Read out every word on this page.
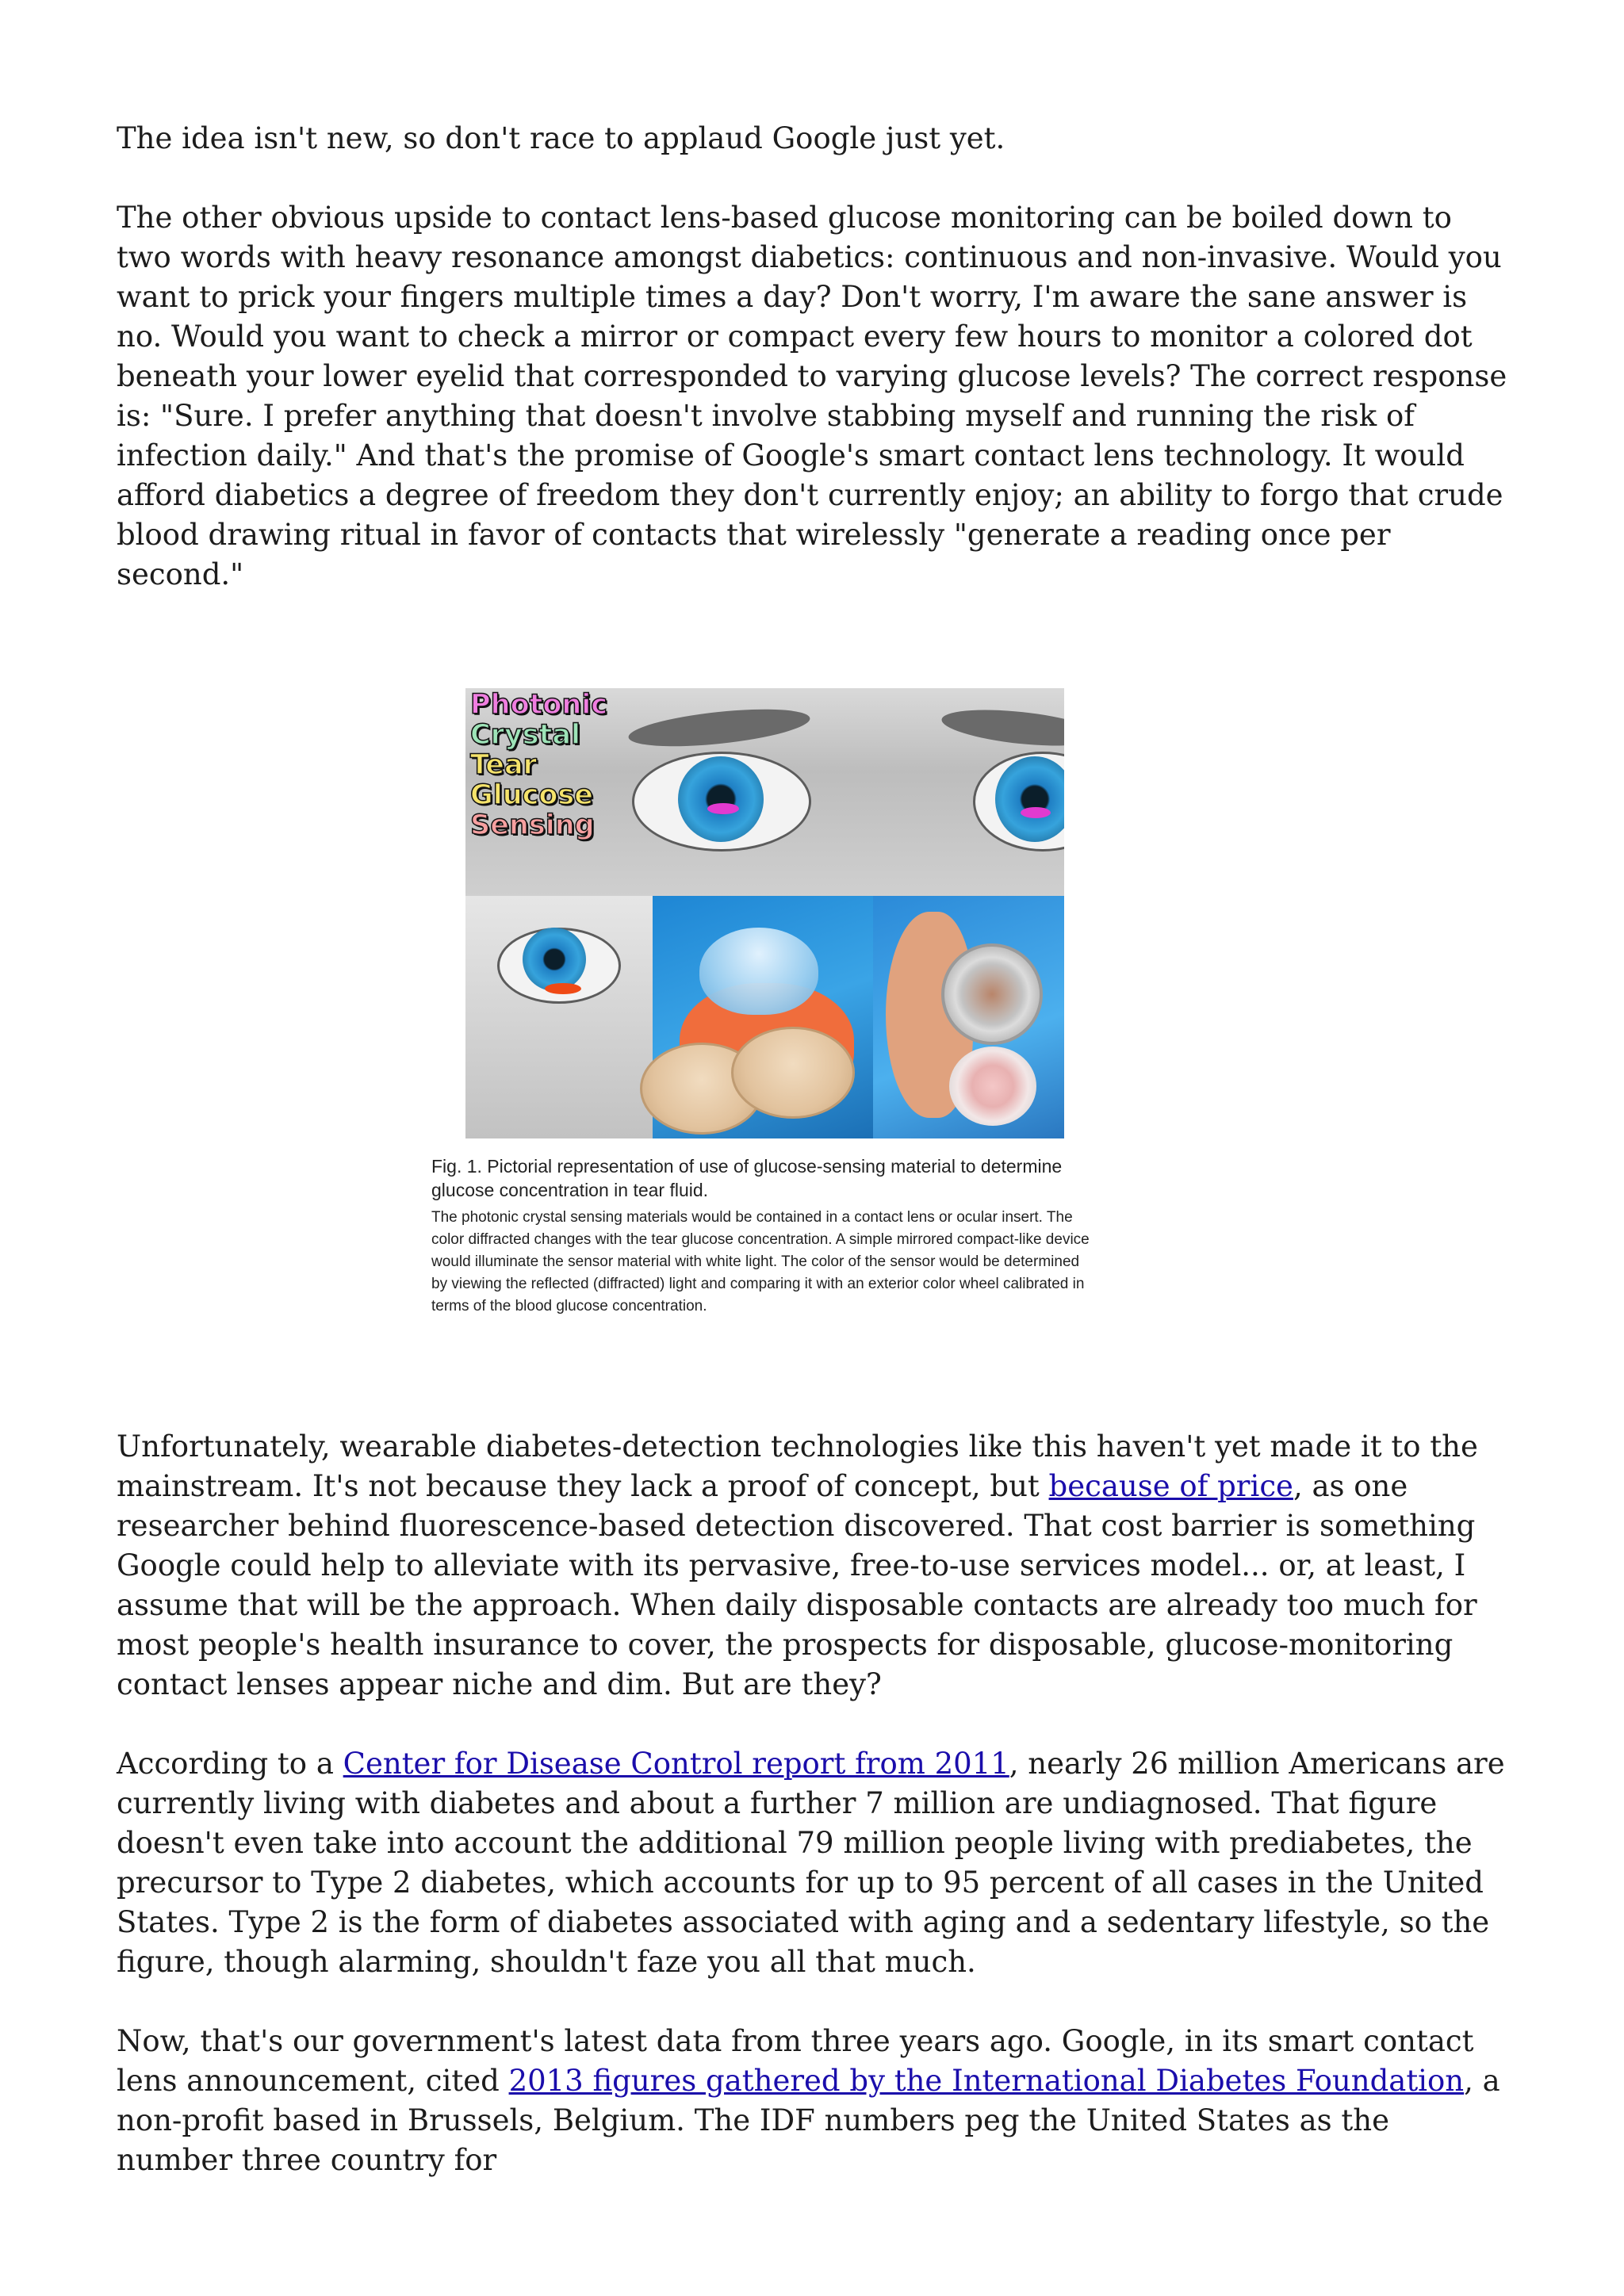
The idea isn't new, so don't race to applaud Google just yet.

The other obvious upside to contact lens-based glucose monitoring can be boiled down to two words with heavy resonance amongst diabetics: continuous and non-invasive. Would you want to prick your fingers multiple times a day? Don't worry, I'm aware the sane answer is no. Would you want to check a mirror or compact every few hours to monitor a colored dot beneath your lower eyelid that corresponded to varying glucose levels? The correct response is: "Sure. I prefer anything that doesn't involve stabbing myself and running the risk of infection daily." And that's the promise of Google's smart contact lens technology. It would afford diabetics a degree of freedom they don't currently enjoy; an ability to forgo that crude blood drawing ritual in favor of contacts that wirelessly "generate a reading once per second."

Photonic
Crystal
Tear
Glucose
Sensing

Fig. 1. Pictorial representation of use of glucose-sensing material to determine glucose concentration in tear fluid.

The photonic crystal sensing materials would be contained in a contact lens or ocular insert. The color diffracted changes with the tear glucose concentration. A simple mirrored compact-like device would illuminate the sensor material with white light. The color of the sensor would be determined by viewing the reflected (diffracted) light and comparing it with an exterior color wheel calibrated in terms of the blood glucose concentration.

Unfortunately, wearable diabetes-detection technologies like this haven't yet made it to the mainstream. It's not because they lack a proof of concept, but because of price, as one researcher behind fluorescence-based detection discovered. That cost barrier is something Google could help to alleviate with its pervasive, free-to-use services model... or, at least, I assume that will be the approach. When daily disposable contacts are already too much for most people's health insurance to cover, the prospects for disposable, glucose-monitoring contact lenses appear niche and dim. But are they?

According to a Center for Disease Control report from 2011, nearly 26 million Americans are currently living with diabetes and about a further 7 million are undiagnosed. That figure doesn't even take into account the additional 79 million people living with prediabetes, the precursor to Type 2 diabetes, which accounts for up to 95 percent of all cases in the United States. Type 2 is the form of diabetes associated with aging and a sedentary lifestyle, so the figure, though alarming, shouldn't faze you all that much.

Now, that's our government's latest data from three years ago. Google, in its smart contact lens announcement, cited 2013 figures gathered by the International Diabetes Foundation, a non-profit based in Brussels, Belgium. The IDF numbers peg the United States as the number three country for
